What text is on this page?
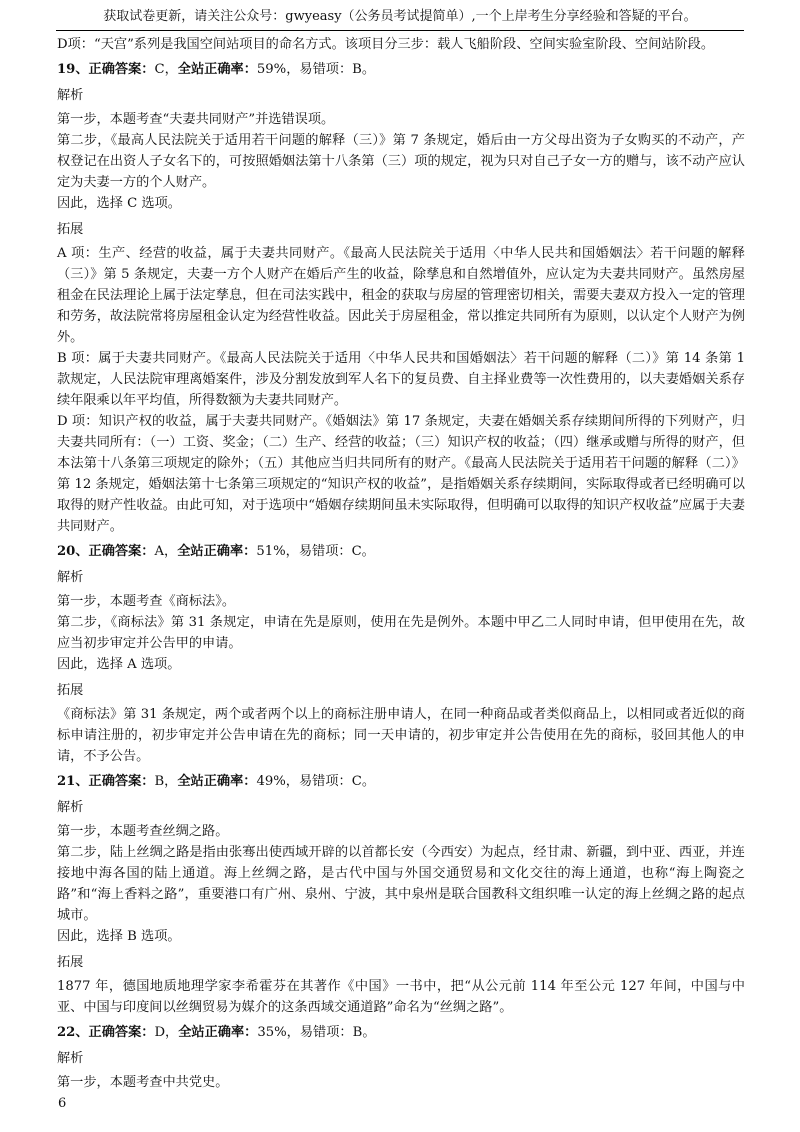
获取试卷更新，请关注公众号：gwyeasy（公务员考试提简单）,一个上岸考生分享经验和答疑的平台。

D项：“天宫”系列是我国空间站项目的命名方式。该项目分三步：载人飞船阶段、空间实验室阶段、空间站阶段。

19、正确答案：C，全站正确率：59%，易错项：B。

解析

第一步，本题考查“夫妻共同财产”并选错误项。

第二步，《最高人民法院关于适用若干问题的解释（三）》第 7 条规定，婚后由一方父母出资为子女购买的不动产，产权登记在出资人子女名下的，可按照婚姻法第十八条第（三）项的规定，视为只对自己子女一方的赠与，该不动产应认定为夫妻一方的个人财产。

因此，选择 C 选项。

拓展

A 项：生产、经营的收益，属于夫妻共同财产。《最高人民法院关于适用〈中华人民共和国婚姻法〉若干问题的解释（三）》第 5 条规定，夫妻一方个人财产在婚后产生的收益，除孳息和自然增值外，应认定为夫妻共同财产。虽然房屋租金在民法理论上属于法定孳息，但在司法实践中，租金的获取与房屋的管理密切相关，需要夫妻双方投入一定的管理和劳务，故法院常将房屋租金认定为经营性收益。因此关于房屋租金，常以推定共同所有为原则，以认定个人财产为例外。

B 项：属于夫妻共同财产。《最高人民法院关于适用〈中华人民共和国婚姻法〉若干问题的解释（二）》第 14 条第 1 款规定，人民法院审理离婚案件，涉及分割发放到军人名下的复员费、自主择业费等一次性费用的，以夫妻婚姻关系存续年限乘以年平均值，所得数额为夫妻共同财产。

D 项：知识产权的收益，属于夫妻共同财产。《婚姻法》第 17 条规定，夫妻在婚姻关系存续期间所得的下列财产，归夫妻共同所有：（一）工资、奖金；（二）生产、经营的收益；（三）知识产权的收益；（四）继承或赠与所得的财产，但本法第十八条第三项规定的除外；（五）其他应当归共同所有的财产。《最高人民法院关于适用若干问题的解释（二）》第 12 条规定，婚姻法第十七条第三项规定的“知识产权的收益”，是指婚姻关系存续期间，实际取得或者已经明确可以取得的财产性收益。由此可知，对于选项中“婚姻存续期间虽未实际取得，但明确可以取得的知识产权收益”应属于夫妻共同财产。

20、正确答案：A，全站正确率：51%，易错项：C。

解析

第一步，本题考查《商标法》。

第二步，《商标法》第 31 条规定，申请在先是原则，使用在先是例外。本题中甲乙二人同时申请，但甲使用在先，故应当初步审定并公告甲的申请。

因此，选择 A 选项。

拓展

《商标法》第 31 条规定，两个或者两个以上的商标注册申请人，在同一种商品或者类似商品上，以相同或者近似的商标申请注册的，初步审定并公告申请在先的商标；同一天申请的，初步审定并公告使用在先的商标，驳回其他人的申请，不予公告。

21、正确答案：B，全站正确率：49%，易错项：C。

解析

第一步，本题考查丝绸之路。

第二步，陆上丝绸之路是指由张骞出使西域开辟的以首都长安（今西安）为起点，经甘肃、新疆，到中亚、西亚，并连接地中海各国的陆上通道。海上丝绸之路，是古代中国与外国交通贸易和文化交往的海上通道，也称“海上陶瓷之路”和“海上香料之路”，重要港口有广州、泉州、宁波，其中泉州是联合国教科文组织唯一认定的海上丝绸之路的起点城市。

因此，选择 B 选项。

拓展

1877 年，德国地质地理学家李希霍芬在其著作《中国》一书中，把“从公元前 114 年至公元 127 年间，中国与中亚、中国与印度间以丝绸贸易为媒介的这条西域交通道路”命名为“丝绸之路”。

22、正确答案：D，全站正确率：35%，易错项：B。

解析

第一步，本题考查中共党史。

6
